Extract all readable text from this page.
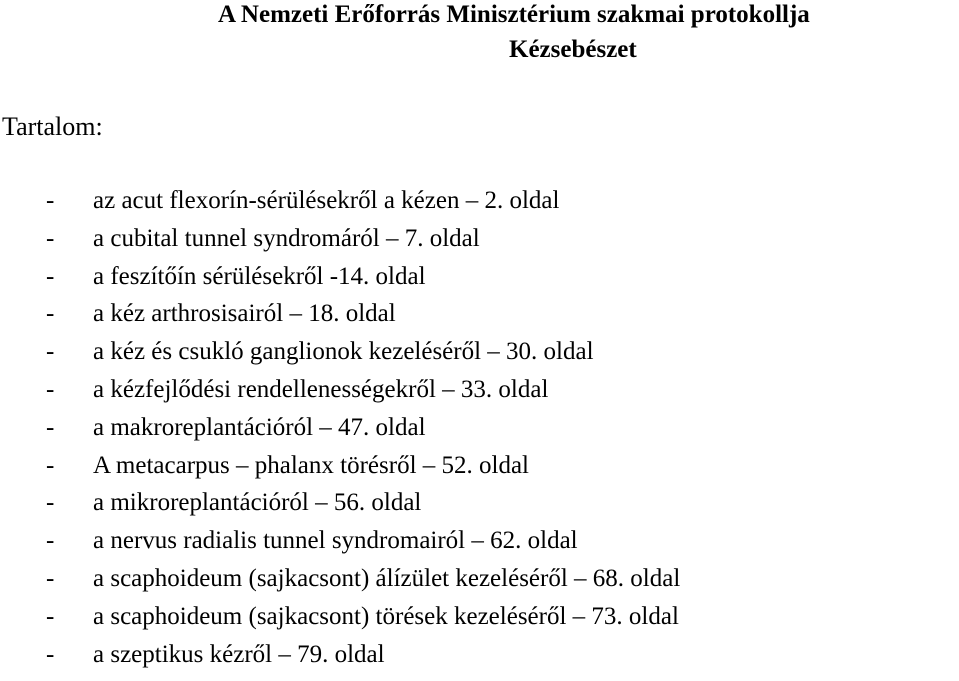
A Nemzeti Erőforrás Minisztérium szakmai protokollja
Kézsebészet
Tartalom:
- az acut flexorín-sérülésekről a kézen – 2. oldal
- a cubital tunnel syndromáról – 7. oldal
- a feszítőín sérülésekről -14. oldal
- a kéz arthrosisairól – 18. oldal
- a kéz és csukló ganglionok kezeléséről – 30. oldal
- a kézfejlődési rendellenességekről – 33. oldal
- a makroreplantációról – 47. oldal
- A metacarpus – phalanx törésről – 52. oldal
- a mikroreplantációról – 56. oldal
- a nervus radialis tunnel syndromairól – 62. oldal
- a scaphoideum (sajkacsont) álízület kezeléséről – 68. oldal
- a scaphoideum (sajkacsont) törések kezeléséről – 73. oldal
- a szeptikus kézről – 79. oldal
